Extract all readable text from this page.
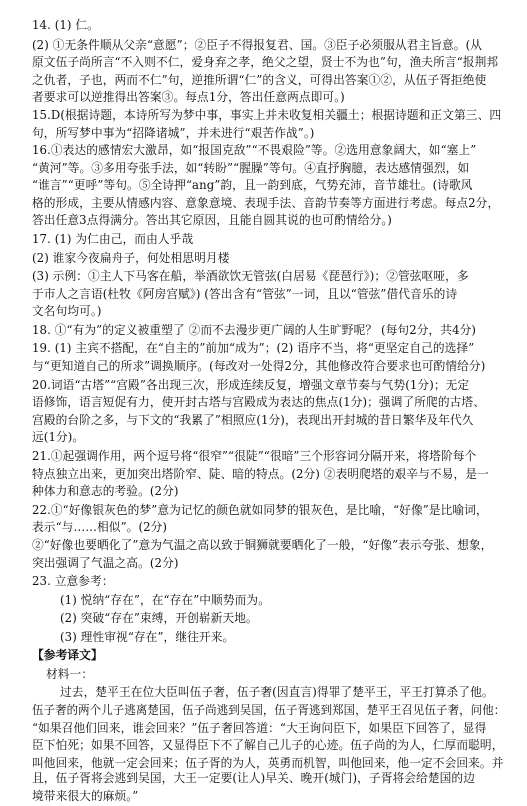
14. (1) 仁。
(2) ①无条件顺从父亲“意愿”；②臣子不得报复君、国。③臣子必须服从君主旨意。(从
原文伍子尚所言“不入则不仁，爱身弃之孝，绝父之望，贤士不为也”句，渔夫所言“报荆邦
之仇者，子也，两而不仁”句，逆推所谓“仁”的含义，可得出答案①②，从伍子胥拒绝使
者要求可以逆推得出答案③。每点1分，答出任意两点即可。)
15.D(根据诗题，本诗所写为梦中事，事实上并未收复相关疆土；根据诗题和正文第三、四
句，所写梦中事为“招降诸城”，并未进行“艰苦作战”。)
16.①表达的感情宏大激昂，如“报国克敌”“不畏艰险”等。②选用意象阔大，如“塞上”
“黄河”等。③多用夸张手法，如“转盼”“腥臊”等句。④直抒胸臆，表达感情强烈，如
“谁言”“更呼”等句。⑤全诗押“ang”韵，且一韵到底，气势充沛，音节雄壮。(诗歌风
格的形成，主要从情感内容、意象意境、表现手法、音韵节奏等方面进行考虑。每点2分，
答出任意3点得满分。答出其它原因，且能自圆其说的也可酌情给分。)
17. (1) 为仁由己，而由人乎哉
(2) 谁家今夜扁舟子，何处相思明月楼
(3) 示例：①主人下马客在船，举酒欲饮无管弦(白居易《琵琶行》)；②管弦呕哑，多
于市人之言语(杜牧《阿房宫赋》) (答出含有“管弦”一词，且以“管弦”借代音乐的诗
文名句均可。)
18. ①“有为”的定义被重塑了 ②而不去漫步更广阔的人生旷野呢？ (每句2分，共4分)
19. (1) 主宾不搭配，在“自主的”前加“成为”；(2) 语序不当，将“更坚定自己的选择”
与“更知道自己的所求”调换顺序。(每改对一处得2分，其他修改符合要求也可酌情给分)
20.词语“古塔”“宫殿”各出现三次，形成连续反复，增强文章节奏与气势(1分)；无定
语修饰，语言短促有力，使开封古塔与宫殿成为表达的焦点(1分)；强调了所爬的古塔、
宫殿的台阶之多，与下文的“我累了”相照应(1分)，表现出开封城的昔日繁华及年代久
远(1分)。
21.①起强调作用，两个逗号将“很窄”“很陡”“很暗”三个形容词分隔开来，将塔阶每个
特点独立出来，更加突出塔阶窄、陡、暗的特点。(2分) ②表明爬塔的艰辛与不易，是一
种体力和意志的考验。(2分)
22.①“好像银灰色的梦”意为记忆的颜色就如同梦的银灰色，是比喻，“好像”是比喻词，
表示“与……相似”。(2分)
②“好像也要晒化了”意为气温之高以致于铜狮就要晒化了一般，“好像”表示夸张、想象，
突出强调了气温之高。(2分)
23. 立意参考：
(1) 悦纳“存在”，在“存在”中顺势而为。
(2) 突破“存在”束缚，开创崭新天地。
(3) 理性审视“存在”，继往开来。
【参考译文】
材料一：
过去，楚平王在位大臣叫伍子奢，伍子奢(因直言)得罪了楚平王，平王打算杀了他。
伍子奢的两个儿子逃离楚国，伍子尚逃到吴国，伍子胥逃到郑国，楚平王召见伍子奢，问他：
“如果召他们回来，谁会回来？”伍子奢回答道：“大王询问臣下，如果臣下回答了，显得
臣下怕死；如果不回答，又显得臣下不了解自己儿子的心迹。伍子尚的为人，仁厚而聪明，
叫他回来，他就一定会回来；伍子胥的为人，英勇而机智，叫他回来，他一定不会回来。并
且，伍子胥将会逃到吴国，大王一定要(让人)早关、晚开(城门)，子胥将会给楚国的边
境带来很大的麻烦。”
